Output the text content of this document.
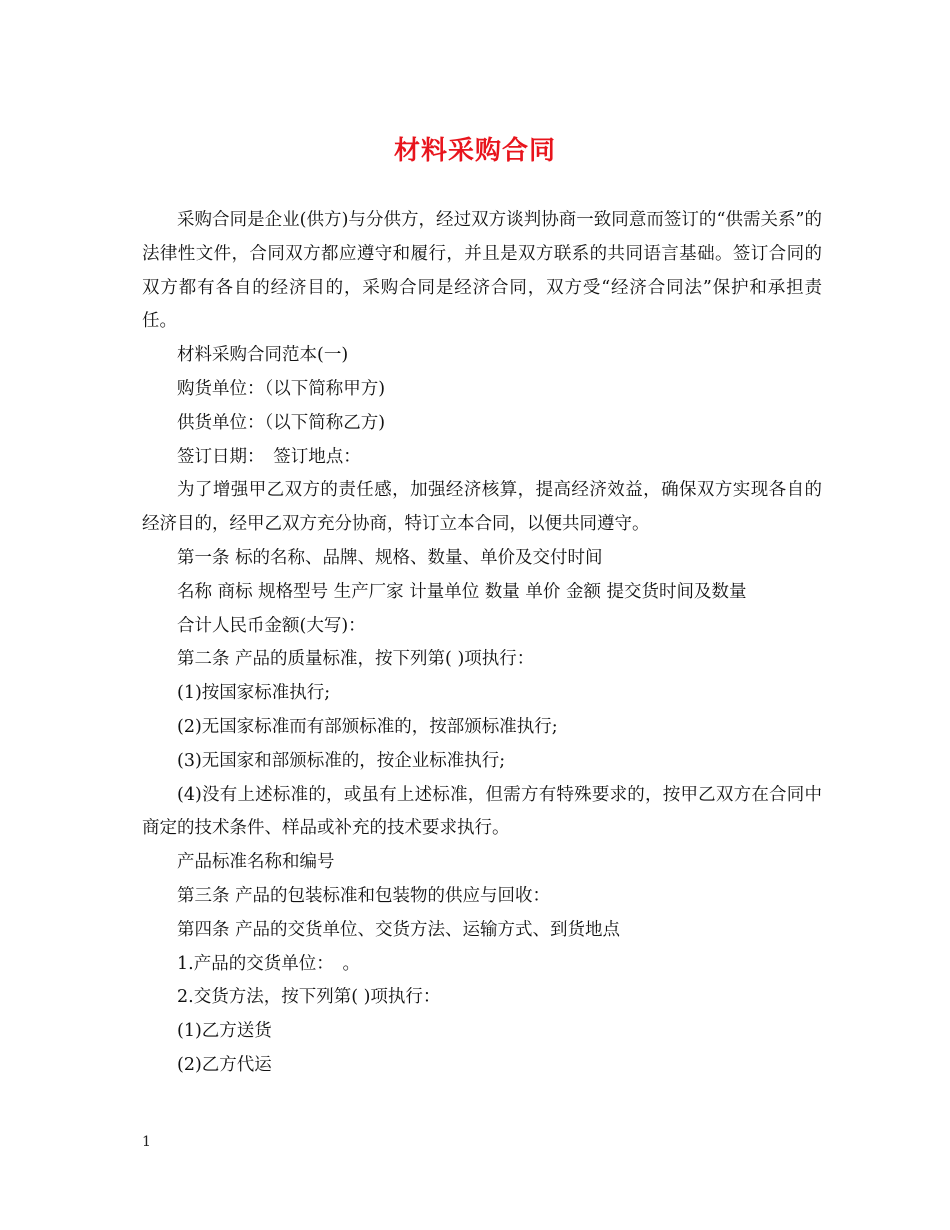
材料采购合同

采购合同是企业(供方)与分供方，经过双方谈判协商一致同意而签订的“供需关系”的法律性文件，合同双方都应遵守和履行，并且是双方联系的共同语言基础。签订合同的双方都有各自的经济目的，采购合同是经济合同，双方受“经济合同法”保护和承担责任。

材料采购合同范本(一)

购货单位：（以下简称甲方)

供货单位：（以下简称乙方)

签订日期：　签订地点：

为了增强甲乙双方的责任感，加强经济核算，提高经济效益，确保双方实现各自的经济目的，经甲乙双方充分协商，特订立本合同，以便共同遵守。

第一条 标的名称、品牌、规格、数量、单价及交付时间

名称 商标 规格型号 生产厂家 计量单位 数量 单价 金额 提交货时间及数量

合计人民币金额(大写)：

第二条 产品的质量标准，按下列第( )项执行：

(1)按国家标准执行;

(2)无国家标准而有部颁标准的，按部颁标准执行;

(3)无国家和部颁标准的，按企业标准执行;

(4)没有上述标准的，或虽有上述标准，但需方有特殊要求的，按甲乙双方在合同中商定的技术条件、样品或补充的技术要求执行。

产品标准名称和编号

第三条 产品的包装标准和包装物的供应与回收：

第四条 产品的交货单位、交货方法、运输方式、到货地点

1.产品的交货单位：　。

2.交货方法，按下列第( )项执行：

(1)乙方送货

(2)乙方代运

1
